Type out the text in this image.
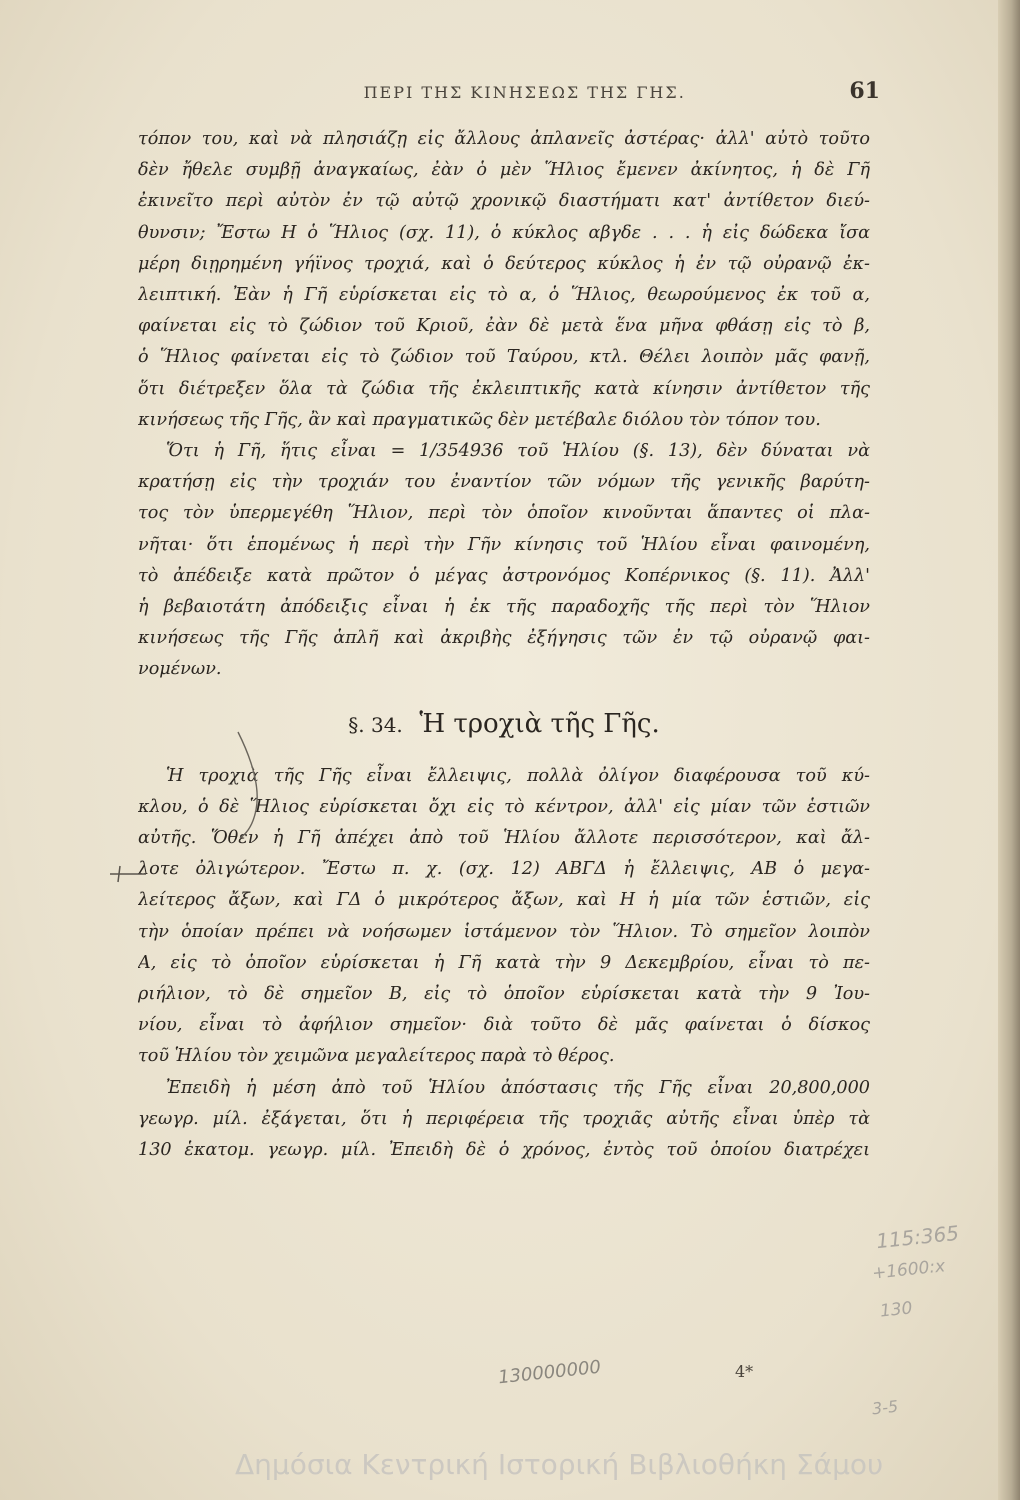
ΠΕΡΙ ΤΗΣ ΚΙΝΗΣΕΩΣ ΤΗΣ ΓΗΣ.	61

τόπον του, καὶ νὰ πλησιάζῃ εἰς ἄλλους ἀπλανεῖς ἀστέρας· ἀλλ' αὐτὸ τοῦτο
δὲν ἤθελε συμβῇ ἀναγκαίως, ἐὰν ὁ μὲν Ἥλιος ἔμενεν ἀκίνητος, ἡ δὲ Γῆ
ἐκινεῖτο περὶ αὐτὸν ἐν τῷ αὐτῷ χρονικῷ διαστήματι κατ' ἀντίθετον διεύ-
θυνσιν; Ἔστω Η ὁ Ἥλιος (σχ. 11), ὁ κύκλος αβγδε . . . ἡ εἰς δώδεκα ἴσα
μέρη διῃρημένη γήϊνος τροχιά, καὶ ὁ δεύτερος κύκλος ἡ ἐν τῷ οὐρανῷ ἐκ-
λειπτική. Ἐὰν ἡ Γῆ εὑρίσκεται εἰς τὸ α, ὁ Ἥλιος, θεωρούμενος ἐκ τοῦ α,
φαίνεται εἰς τὸ ζώδιον τοῦ Κριοῦ, ἐὰν δὲ μετὰ ἕνα μῆνα φθάσῃ εἰς τὸ β,
ὁ Ἥλιος φαίνεται εἰς τὸ ζώδιον τοῦ Ταύρου, κτλ. Θέλει λοιπὸν μᾶς φανῇ,
ὅτι διέτρεξεν ὅλα τὰ ζώδια τῆς ἐκλειπτικῆς κατὰ κίνησιν ἀντίθετον τῆς
κινήσεως τῆς Γῆς, ἂν καὶ πραγματικῶς δὲν μετέβαλε διόλου τὸν τόπον του.

Ὅτι ἡ Γῆ, ἥτις εἶναι = 1/354936 τοῦ Ἡλίου (§. 13), δὲν δύναται νὰ
κρατήσῃ εἰς τὴν τροχιάν του ἐναντίον τῶν νόμων τῆς γενικῆς βαρύτη-
τος τὸν ὑπερμεγέθη Ἥλιον, περὶ τὸν ὁποῖον κινοῦνται ἅπαντες οἱ πλα-
νῆται· ὅτι ἑπομένως ἡ περὶ τὴν Γῆν κίνησις τοῦ Ἡλίου εἶναι φαινομένη,
τὸ ἀπέδειξε κατὰ πρῶτον ὁ μέγας ἀστρονόμος Κοπέρνικος (§. 11). Ἀλλ'
ἡ βεβαιοτάτη ἀπόδειξις εἶναι ἡ ἐκ τῆς παραδοχῆς τῆς περὶ τὸν Ἥλιον
κινήσεως τῆς Γῆς ἁπλῆ καὶ ἀκριβὴς ἐξήγησις τῶν ἐν τῷ οὐρανῷ φαι-
νομένων.

§. 34. Ἡ τροχιὰ τῆς Γῆς.

Ἡ τροχιὰ τῆς Γῆς εἶναι ἔλλειψις, πολλὰ ὀλίγον διαφέρουσα τοῦ κύ-
κλου, ὁ δὲ Ἥλιος εὑρίσκεται ὄχι εἰς τὸ κέντρον, ἀλλ' εἰς μίαν τῶν ἑστιῶν
αὐτῆς. Ὅθεν ἡ Γῆ ἀπέχει ἀπὸ τοῦ Ἡλίου ἄλλοτε περισσότερον, καὶ ἄλ-
λοτε ὀλιγώτερον. Ἔστω π. χ. (σχ. 12) ΑΒΓΔ ἡ ἔλλειψις, ΑΒ ὁ μεγα-
λείτερος ἄξων, καὶ ΓΔ ὁ μικρότερος ἄξων, καὶ Η ἡ μία τῶν ἑστιῶν, εἰς
τὴν ὁποίαν πρέπει νὰ νοήσωμεν ἱστάμενον τὸν Ἥλιον. Τὸ σημεῖον λοιπὸν
Α, εἰς τὸ ὁποῖον εὑρίσκεται ἡ Γῆ κατὰ τὴν 9 Δεκεμβρίου, εἶναι τὸ πε-
ριήλιον, τὸ δὲ σημεῖον Β, εἰς τὸ ὁποῖον εὑρίσκεται κατὰ τὴν 9 Ἰου-
νίου, εἶναι τὸ ἀφήλιον σημεῖον· διὰ τοῦτο δὲ μᾶς φαίνεται ὁ δίσκος
τοῦ Ἡλίου τὸν χειμῶνα μεγαλείτερος παρὰ τὸ θέρος.

Ἐπειδὴ ἡ μέση ἀπὸ τοῦ Ἡλίου ἀπόστασις τῆς Γῆς εἶναι 20,800,000
γεωγρ. μίλ. ἐξάγεται, ὅτι ἡ περιφέρεια τῆς τροχιᾶς αὐτῆς εἶναι ὑπὲρ τὰ
130 ἑκατομ. γεωγρ. μίλ. Ἐπειδὴ δὲ ὁ χρόνος, ἐντὸς τοῦ ὁποίου διατρέχει

115:365
+1600:x
130
130000000
3-5
4*
Δημόσια Κεντρική Ιστορική Βιβλιοθήκη Σάμου
